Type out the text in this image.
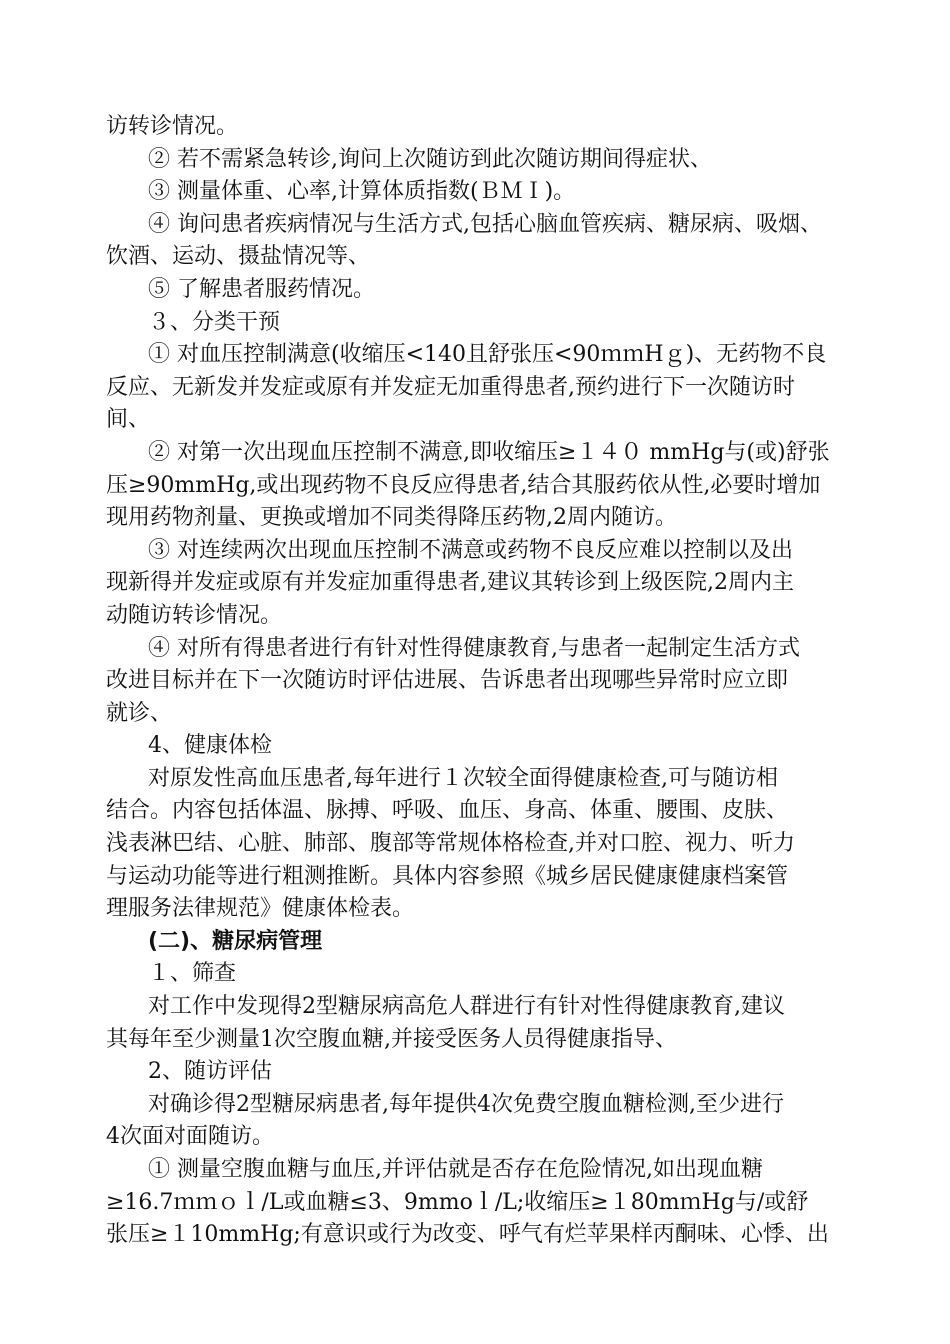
访转诊情况。
② 若不需紧急转诊,询问上次随访到此次随访期间得症状、
③ 测量体重、心率,计算体质指数(ＢＭＩ)。
④ 询问患者疾病情况与生活方式,包括心脑血管疾病、糖尿病、吸烟、
饮酒、运动、摄盐情况等、
⑤ 了解患者服药情况。
３、分类干预
① 对血压控制满意(收缩压<140且舒张压<90ｍｍHｇ)、无药物不良
反应、无新发并发症或原有并发症无加重得患者,预约进行下一次随访时
间、
② 对第一次出现血压控制不满意,即收缩压≥１４０ mmHg与(或)舒张
压≥90mmHg,或出现药物不良反应得患者,结合其服药依从性,必要时增加
现用药物剂量、更换或增加不同类得降压药物,2周内随访。
③ 对连续两次出现血压控制不满意或药物不良反应难以控制以及出
现新得并发症或原有并发症加重得患者,建议其转诊到上级医院,2周内主
动随访转诊情况。
④ 对所有得患者进行有针对性得健康教育,与患者一起制定生活方式
改进目标并在下一次随访时评估进展、告诉患者出现哪些异常时应立即
就诊、
4、健康体检
对原发性高血压患者,每年进行１次较全面得健康检查,可与随访相
结合。内容包括体温、脉搏、呼吸、血压、身高、体重、腰围、皮肤、
浅表淋巴结、心脏、肺部、腹部等常规体格检查,并对口腔、视力、听力
与运动功能等进行粗测推断。具体内容参照《城乡居民健康健康档案管
理服务法律规范》健康体检表。
(二)、糖尿病管理
１、筛查
对工作中发现得2型糖尿病高危人群进行有针对性得健康教育,建议
其每年至少测量1次空腹血糖,并接受医务人员得健康指导、
2、随访评估
对确诊得2型糖尿病患者,每年提供4次免费空腹血糖检测,至少进行
4次面对面随访。
① 测量空腹血糖与血压,并评估就是否存在危险情况,如出现血糖
≥16.7ｍｍｏｌ/L或血糖≤3、9mmoｌ/L;收缩压≥１80mｍHg与/或舒
张压≥１10mmHg;有意识或行为改变、呼气有烂苹果样丙酮味、心悸、出
